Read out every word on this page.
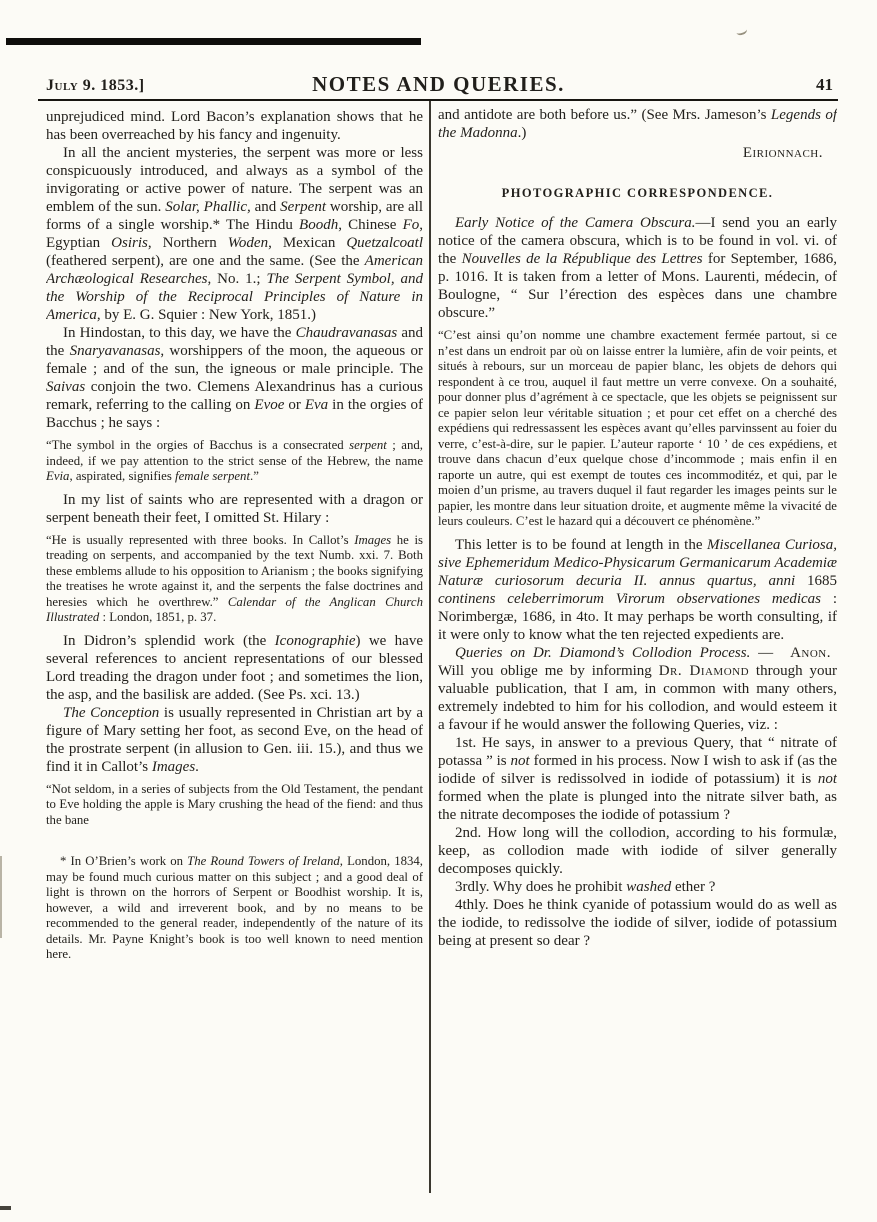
July 9. 1853.]	NOTES AND QUERIES.	41

unprejudiced mind. Lord Bacon’s explanation shows that he has been overreached by his fancy and ingenuity.

In all the ancient mysteries, the serpent was more or less conspicuously introduced, and always as a symbol of the invigorating or active power of nature. The serpent was an emblem of the sun. Solar, Phallic, and Serpent worship, are all forms of a single worship.* The Hindu Boodh, Chinese Fo, Egyptian Osiris, Northern Woden, Mexican Quetzalcoatl (feathered serpent), are one and the same. (See the American Archæological Researches, No. 1.; The Serpent Symbol, and the Worship of the Reciprocal Principles of Nature in America, by E. G. Squier : New York, 1851.)

In Hindostan, to this day, we have the Chaudravanasas and the Snaryavanasas, worshippers of the moon, the aqueous or female ; and of the sun, the igneous or male principle. The Saivas conjoin the two. Clemens Alexandrinus has a curious remark, referring to the calling on Evoe or Eva in the orgies of Bacchus ; he says :

“The symbol in the orgies of Bacchus is a consecrated serpent ; and, indeed, if we pay attention to the strict sense of the Hebrew, the name Evia, aspirated, signifies female serpent.”

In my list of saints who are represented with a dragon or serpent beneath their feet, I omitted St. Hilary :

“He is usually represented with three books. In Callot’s Images he is treading on serpents, and accompanied by the text Numb. xxi. 7. Both these emblems allude to his opposition to Arianism ; the books signifying the treatises he wrote against it, and the serpents the false doctrines and heresies which he overthrew.” Calendar of the Anglican Church Illustrated : London, 1851, p. 37.

In Didron’s splendid work (the Iconographie) we have several references to ancient representations of our blessed Lord treading the dragon under foot ; and sometimes the lion, the asp, and the basilisk are added. (See Ps. xci. 13.)

The Conception is usually represented in Christian art by a figure of Mary setting her foot, as second Eve, on the head of the prostrate serpent (in allusion to Gen. iii. 15.), and thus we find it in Callot’s Images.

“Not seldom, in a series of subjects from the Old Testament, the pendant to Eve holding the apple is Mary crushing the head of the fiend: and thus the bane

* In O’Brien’s work on The Round Towers of Ireland, London, 1834, may be found much curious matter on this subject ; and a good deal of light is thrown on the horrors of Serpent or Boodhist worship. It is, however, a wild and irreverent book, and by no means to be recommended to the general reader, independently of the nature of its details. Mr. Payne Knight’s book is too well known to need mention here.

and antidote are both before us.” (See Mrs. Jameson’s Legends of the Madonna.)

Eirionnach.

PHOTOGRAPHIC CORRESPONDENCE.

Early Notice of the Camera Obscura.—I send you an early notice of the camera obscura, which is to be found in vol. vi. of the Nouvelles de la République des Lettres for September, 1686, p. 1016. It is taken from a letter of Mons. Laurenti, médecin, of Boulogne, “ Sur l’érection des espèces dans une chambre obscure.”

“C’est ainsi qu’on nomme une chambre exactement fermée partout, si ce n’est dans un endroit par où on laisse entrer la lumière, afin de voir peints, et situés à rebours, sur un morceau de papier blanc, les objets de dehors qui respondent à ce trou, auquel il faut mettre un verre convexe. On a souhaité, pour donner plus d’agrément à ce spectacle, que les objets se peignissent sur ce papier selon leur véritable situation ; et pour cet effet on a cherché des expédiens qui redressassent les espèces avant qu’elles parvinssent au foier du verre, c’est-à-dire, sur le papier. L’auteur raporte ‘ 10 ’ de ces expédiens, et trouve dans chacun d’eux quelque chose d’incommode ; mais enfin il en raporte un autre, qui est exempt de toutes ces incommoditéz, et qui, par le moien d’un prisme, au travers duquel il faut regarder les images peints sur le papier, les montre dans leur situation droite, et augmente même la vivacité de leurs couleurs. C’est le hazard qui a découvert ce phénomène.”

This letter is to be found at length in the Miscellanea Curiosa, sive Ephemeridum Medico-Physicarum Germanicarum Academiæ Naturæ curiosorum decuria II. annus quartus, anni 1685 continens celeberrimorum Virorum observationes medicas : Norimbergæ, 1686, in 4to. It may perhaps be worth consulting, if it were only to know what the ten rejected expedients are.
Anon.

Queries on Dr. Diamond’s Collodion Process. — Will you oblige me by informing Dr. Diamond through your valuable publication, that I am, in common with many others, extremely indebted to him for his collodion, and would esteem it a favour if he would answer the following Queries, viz. :

1st. He says, in answer to a previous Query, that “ nitrate of potassa ” is not formed in his process. Now I wish to ask if (as the iodide of silver is redissolved in iodide of potassium) it is not formed when the plate is plunged into the nitrate silver bath, as the nitrate decomposes the iodide of potassium ?

2nd. How long will the collodion, according to his formulæ, keep, as collodion made with iodide of silver generally decomposes quickly.

3rdly. Why does he prohibit washed ether ?

4thly. Does he think cyanide of potassium would do as well as the iodide, to redissolve the iodide of silver, iodide of potassium being at present so dear ?
